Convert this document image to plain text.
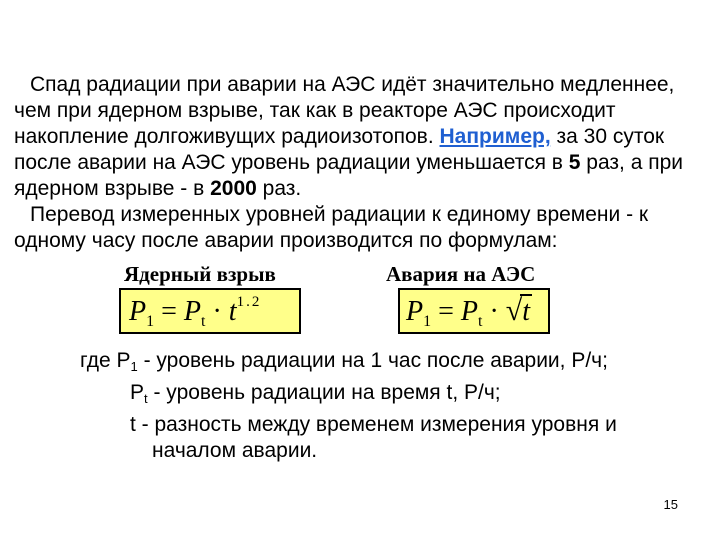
Спад радиации при аварии на АЭС идёт значительно медленнее, чем при ядерном взрыве, так как в реакторе АЭС происходит накопление долгоживущих радиоизотопов. Например, за 30 суток после аварии на АЭС уровень радиации уменьшается в 5 раз, а при ядерном взрыве - в 2000 раз.

Перевод измеренных уровней радиации к единому времени - к одному часу после аварии производится по формулам:

Ядерный взрыв	Авария на АЭС
$P_1 = P_t \cdot t^{1.2}$	$P_1 = P_t \cdot √t$

где P1 - уровень радиации на 1 час после аварии, Р/ч;

Pt - уровень радиации на время t, Р/ч;

t - разность между временем измерения уровня и

началом аварии.

15
